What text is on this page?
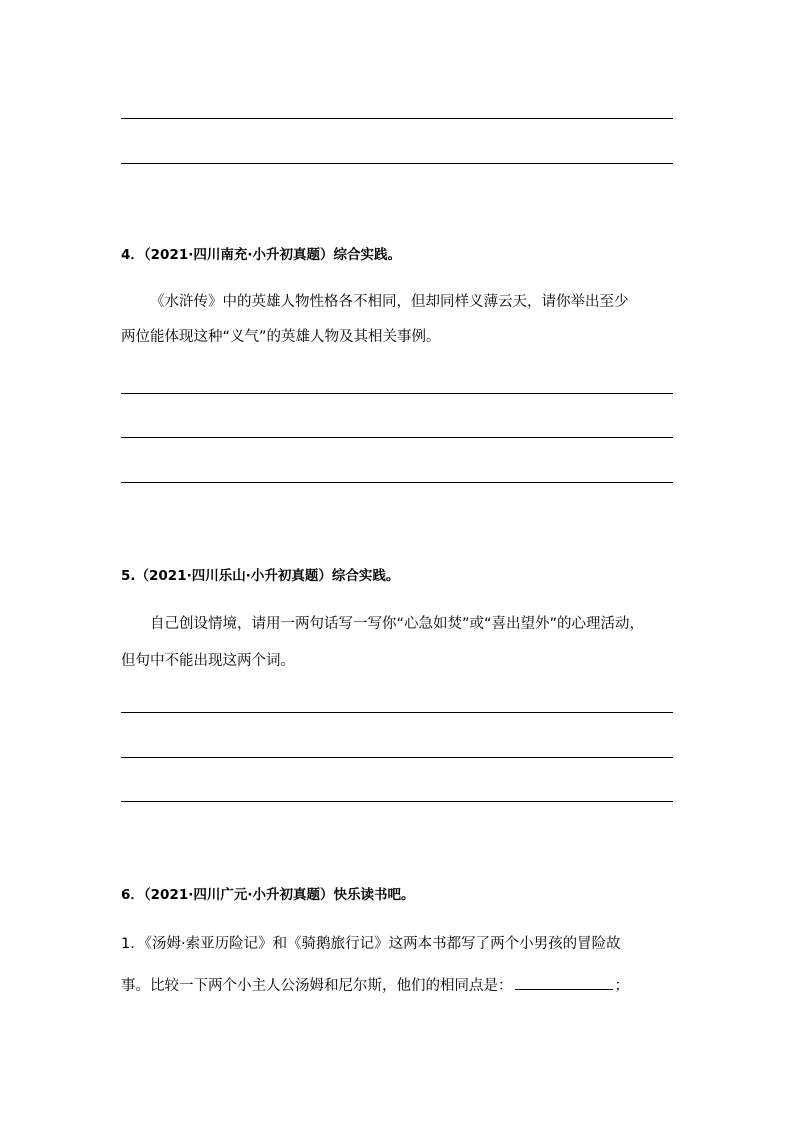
4．（2021·四川南充·小升初真题）综合实践。
《水浒传》中的英雄人物性格各不相同，但却同样义薄云天，请你举出至少
两位能体现这种“义气”的英雄人物及其相关事例。
5.（2021·四川乐山·小升初真题）综合实践。
自己创设情境，请用一两句话写一写你“心急如焚”或“喜出望外”的心理活动，
但句中不能出现这两个词。
6．（2021·四川广元·小升初真题）快乐读书吧。
1．《汤姆·索亚历险记》和《骑鹅旅行记》这两本书都写了两个小男孩的冒险故
事。比较一下两个小主人公汤姆和尼尔斯，他们的相同点是：	；
